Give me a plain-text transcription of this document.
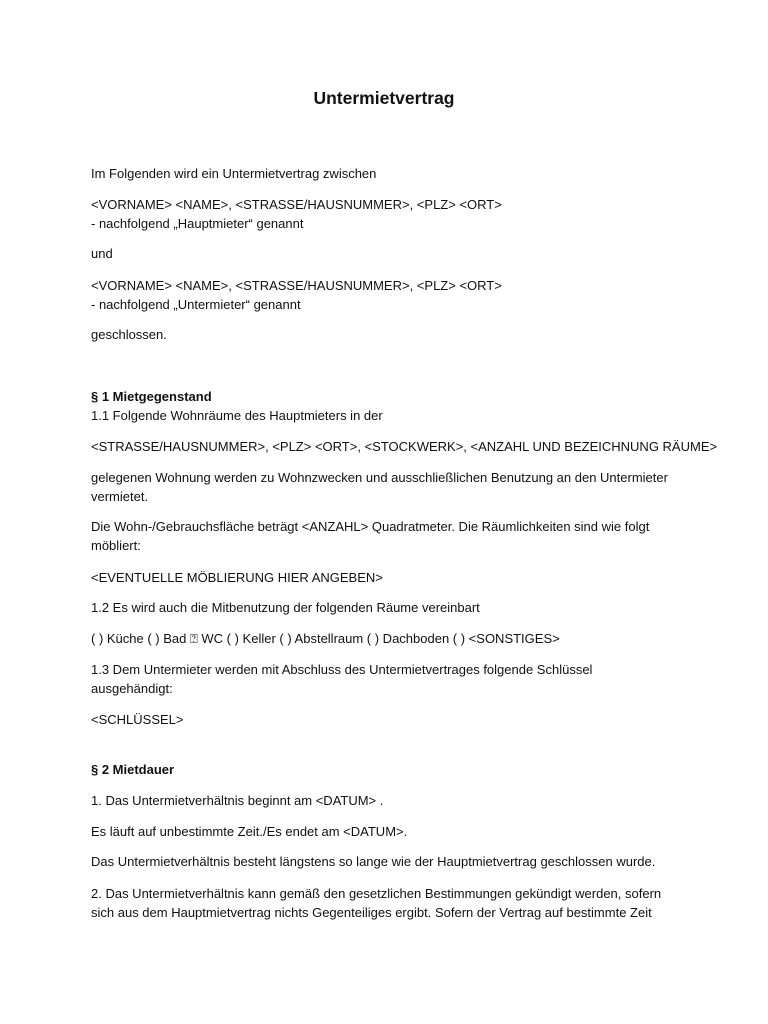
Untermietvertrag
Im Folgenden wird ein Untermietvertrag zwischen
<VORNAME> <NAME>, <STRASSE/HAUSNUMMER>, <PLZ> <ORT>
- nachfolgend „Hauptmieter“ genannt
und
<VORNAME> <NAME>, <STRASSE/HAUSNUMMER>, <PLZ> <ORT>
- nachfolgend „Untermieter“ genannt
geschlossen.
§ 1 Mietgegenstand
1.1 Folgende Wohnräume des Hauptmieters in der
<STRASSE/HAUSNUMMER>, <PLZ> <ORT>, <STOCKWERK>, <ANZAHL UND BEZEICHNUNG RÄUME>
gelegenen Wohnung werden zu Wohnzwecken und ausschließlichen Benutzung an den Untermieter
vermietet.
Die Wohn-/Gebrauchsfläche beträgt <ANZAHL> Quadratmeter. Die Räumlichkeiten sind wie folgt
möbliert:
<EVENTUELLE MÖBLIERUNG HIER ANGEBEN>
1.2 Es wird auch die Mitbenutzung der folgenden Räume vereinbart
( ) Küche ( ) Bad ⍰ WC ( ) Keller ( ) Abstellraum ( ) Dachboden ( ) <SONSTIGES>
1.3 Dem Untermieter werden mit Abschluss des Untermietvertrages folgende Schlüssel
ausgehändigt:
<SCHLÜSSEL>
§ 2 Mietdauer
1. Das Untermietverhältnis beginnt am <DATUM> .
Es läuft auf unbestimmte Zeit./Es endet am <DATUM>.
Das Untermietverhältnis besteht längstens so lange wie der Hauptmietvertrag geschlossen wurde.
2. Das Untermietverhältnis kann gemäß den gesetzlichen Bestimmungen gekündigt werden, sofern
sich aus dem Hauptmietvertrag nichts Gegenteiliges ergibt. Sofern der Vertrag auf bestimmte Zeit
